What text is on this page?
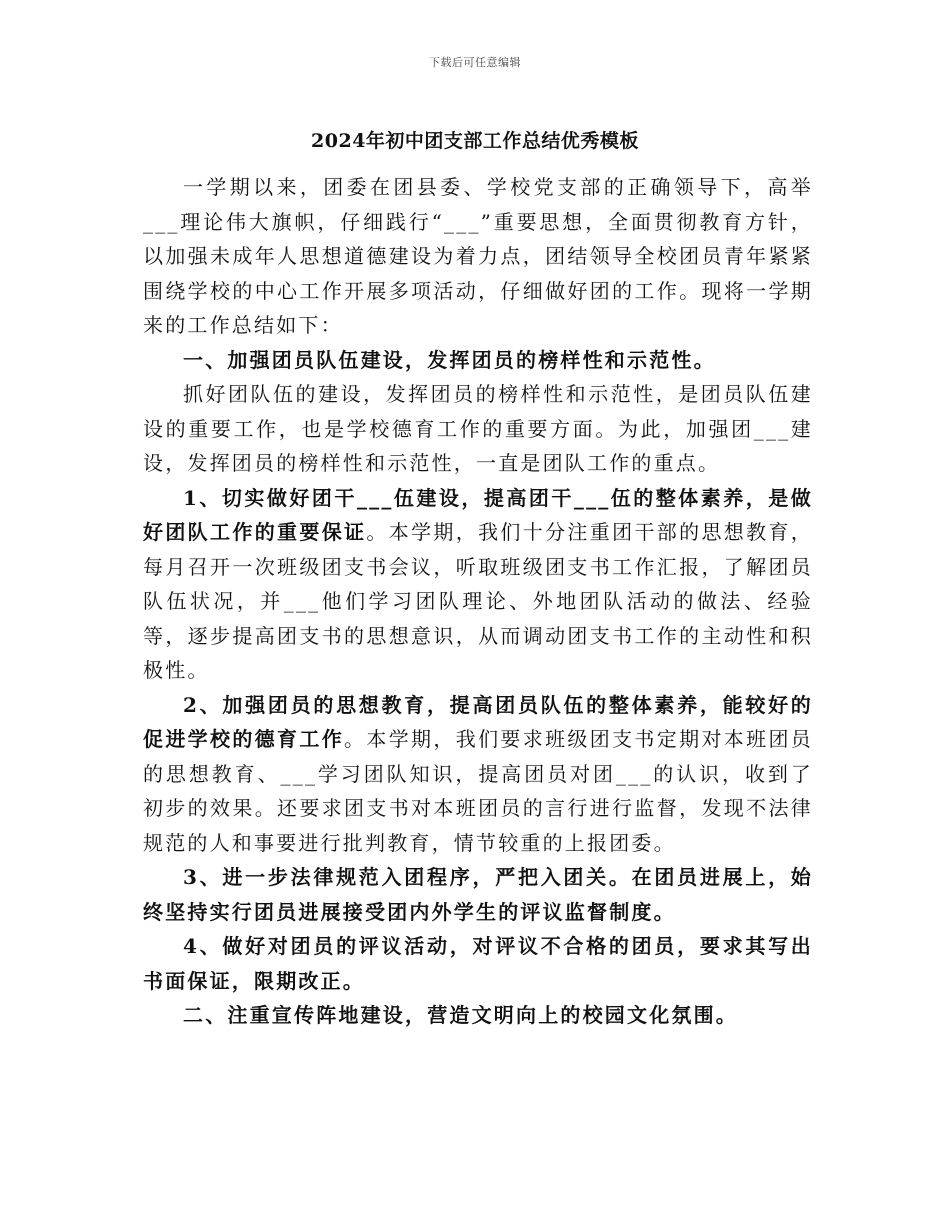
下载后可任意编辑
2024年初中团支部工作总结优秀模板

一学期以来，团委在团县委、学校党支部的正确领导下，高举___理论伟大旗帜，仔细践行“___”重要思想，全面贯彻教育方针，以加强未成年人思想道德建设为着力点，团结领导全校团员青年紧紧围绕学校的中心工作开展多项活动，仔细做好团的工作。现将一学期来的工作总结如下：

一、加强团员队伍建设，发挥团员的榜样性和示范性。

抓好团队伍的建设，发挥团员的榜样性和示范性，是团员队伍建设的重要工作，也是学校德育工作的重要方面。为此，加强团___建设，发挥团员的榜样性和示范性，一直是团队工作的重点。

1、切实做好团干___伍建设，提高团干___伍的整体素养，是做好团队工作的重要保证。本学期，我们十分注重团干部的思想教育，每月召开一次班级团支书会议，听取班级团支书工作汇报，了解团员队伍状况，并___他们学习团队理论、外地团队活动的做法、经验等，逐步提高团支书的思想意识，从而调动团支书工作的主动性和积极性。

2、加强团员的思想教育，提高团员队伍的整体素养，能较好的促进学校的德育工作。本学期，我们要求班级团支书定期对本班团员的思想教育、___学习团队知识，提高团员对团___的认识，收到了初步的效果。还要求团支书对本班团员的言行进行监督，发现不法律规范的人和事要进行批判教育，情节较重的上报团委。

3、进一步法律规范入团程序，严把入团关。在团员进展上，始终坚持实行团员进展接受团内外学生的评议监督制度。

4、做好对团员的评议活动，对评议不合格的团员，要求其写出书面保证，限期改正。

二、注重宣传阵地建设，营造文明向上的校园文化氛围。
